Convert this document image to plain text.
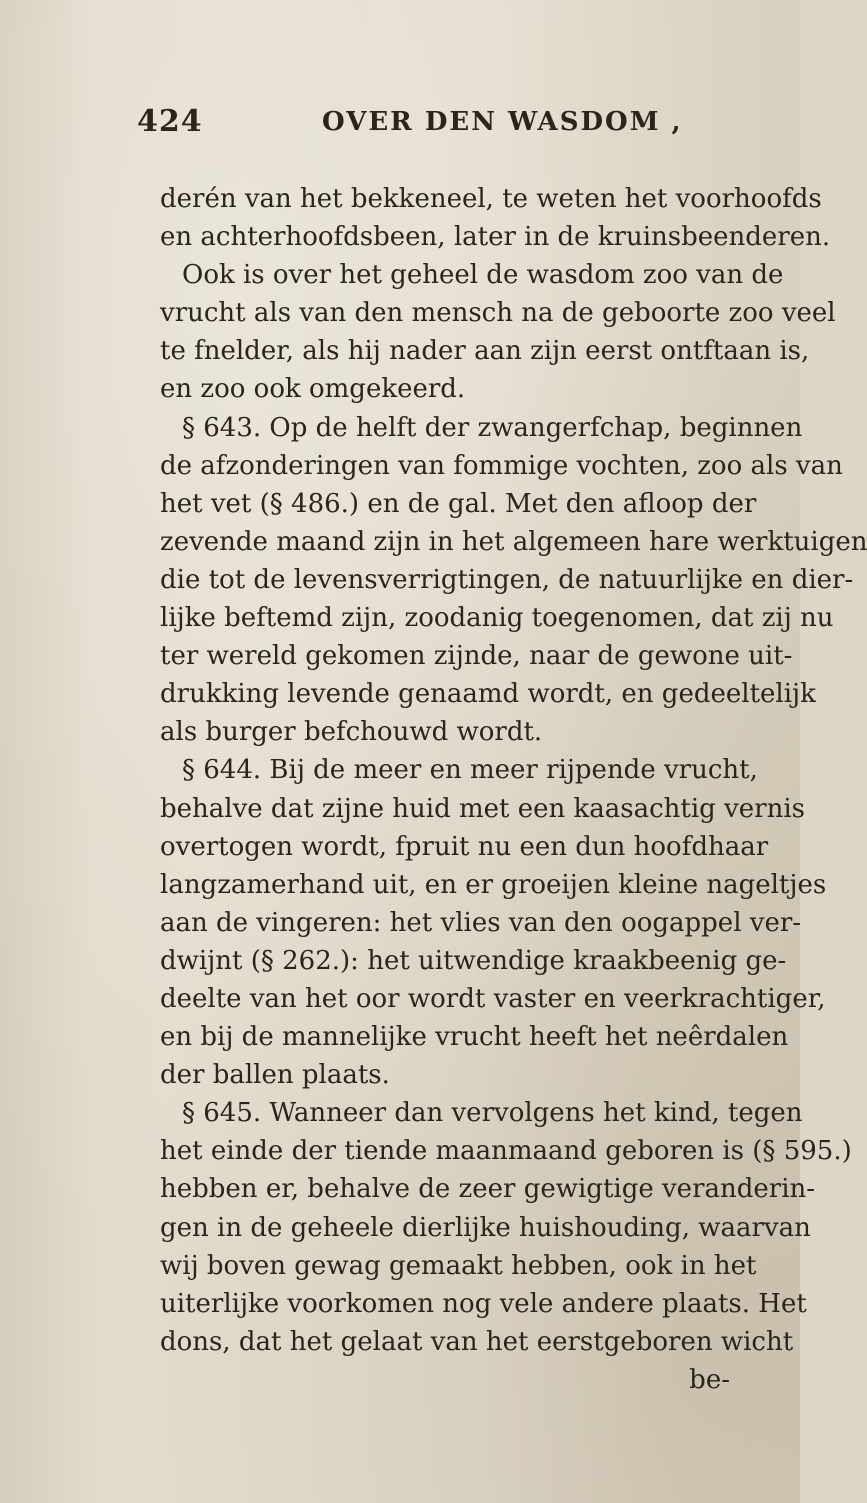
424	OVER DEN WASDOM ,
derén van het bekkeneel, te weten het voorhoofds
en achterhoofdsbeen, later in de kruinsbeenderen.
Ook is over het geheel de wasdom zoo van de
vrucht als van den mensch na de geboorte zoo veel
te fnelder, als hij nader aan zijn eerst ontftaan is,
en zoo ook omgekeerd.
§ 643. Op de helft der zwangerfchap, beginnen
de afzonderingen van fommige vochten, zoo als van
het vet (§ 486.) en de gal. Met den afloop der
zevende maand zijn in het algemeen hare werktuigen
die tot de levensverrigtingen, de natuurlijke en dier-
lijke beftemd zijn, zoodanig toegenomen, dat zij nu
ter wereld gekomen zijnde, naar de gewone uit-
drukking levende genaamd wordt, en gedeeltelijk
als burger befchouwd wordt.
§ 644. Bij de meer en meer rijpende vrucht,
behalve dat zijne huid met een kaasachtig vernis
overtogen wordt, fpruit nu een dun hoofdhaar
langzamerhand uit, en er groeijen kleine nageltjes
aan de vingeren: het vlies van den oogappel ver-
dwijnt (§ 262.): het uitwendige kraakbeenig ge-
deelte van het oor wordt vaster en veerkrachtiger,
en bij de mannelijke vrucht heeft het neêrdalen
der ballen plaats.
§ 645. Wanneer dan vervolgens het kind, tegen
het einde der tiende maanmaand geboren is (§ 595.)
hebben er, behalve de zeer gewigtige veranderin-
gen in de geheele dierlijke huishouding, waarvan
wij boven gewag gemaakt hebben, ook in het
uiterlijke voorkomen nog vele andere plaats. Het
dons, dat het gelaat van het eerstgeboren wicht
be-
